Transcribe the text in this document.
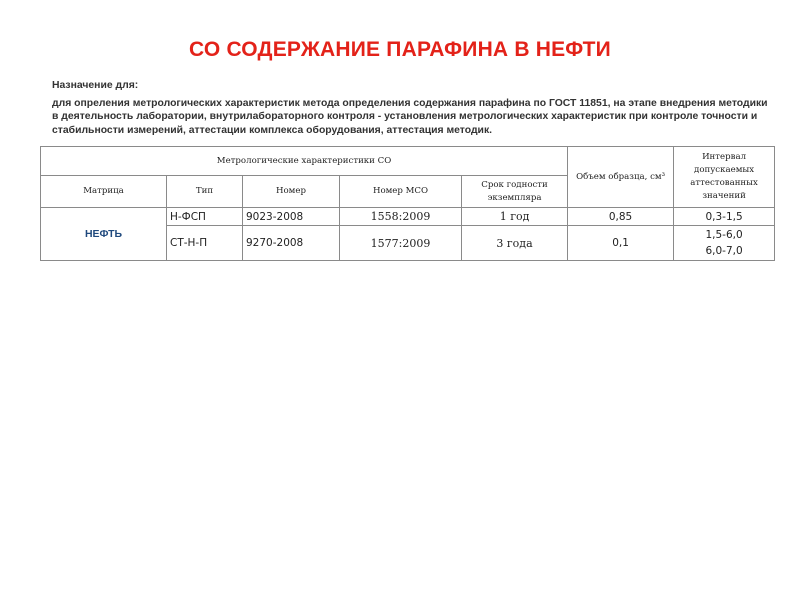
СО СОДЕРЖАНИЕ ПАРАФИНА В НЕФТИ
Назначение для:
для опреления метрологических характеристик метода определения содержания парафина по ГОСТ 11851, на этапе внедрения методики в деятельность лаборатории, внутрилабораторного контроля - установления метрологических характеристик при контроле точности и стабильности измерений, аттестации комплекса оборудования, аттестация методик.
Метрологические характеристики СО					Объем образца, см³	Интервал допускаемых аттестованных значений
Матрица	Тип	Номер	Номер МСО	Срок годности экземпляра		
НЕФТЬ	Н-ФСП	9023-2008	1558:2009	1 год	0,85	0,3-1,5

	СТ-Н-П	9270-2008	1577:2009	3 года	0,1	1,5-6,0
6,0-7,0
